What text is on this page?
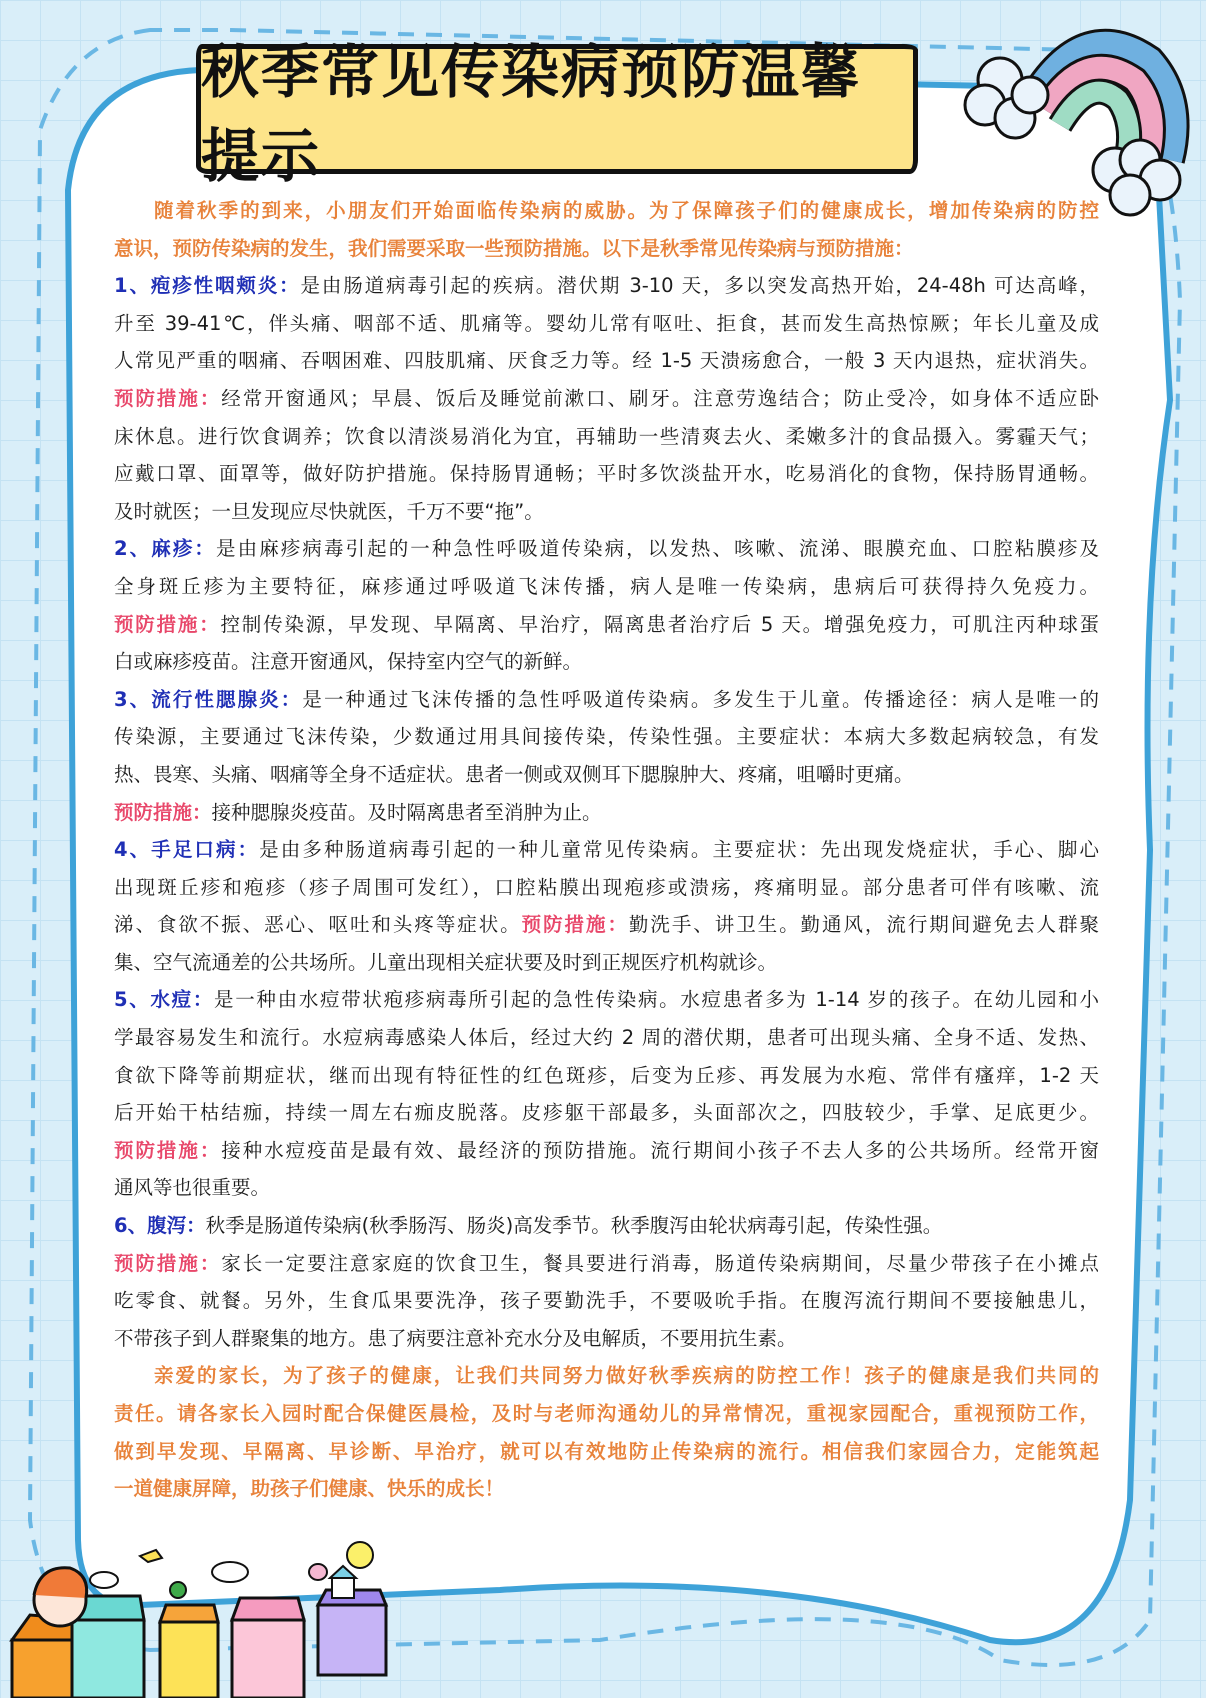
秋季常见传染病预防温馨提示
随着秋季的到来，小朋友们开始面临传染病的威胁。为了保障孩子们的健康成长，增加传染病的防控
意识，预防传染病的发生，我们需要采取一些预防措施。以下是秋季常见传染病与预防措施：
1、疱疹性咽颊炎：是由肠道病毒引起的疾病。潜伏期 3-10 天，多以突发高热开始，24-48h 可达高峰，
升至 39-41℃，伴头痛、咽部不适、肌痛等。婴幼儿常有呕吐、拒食，甚而发生高热惊厥；年长儿童及成
人常见严重的咽痛、吞咽困难、四肢肌痛、厌食乏力等。经 1-5 天溃疡愈合，一般 3 天内退热，症状消失。
预防措施：经常开窗通风；早晨、饭后及睡觉前漱口、刷牙。注意劳逸结合；防止受冷，如身体不适应卧
床休息。进行饮食调养；饮食以清淡易消化为宜，再辅助一些清爽去火、柔嫩多汁的食品摄入。雾霾天气；
应戴口罩、面罩等，做好防护措施。保持肠胃通畅；平时多饮淡盐开水，吃易消化的食物，保持肠胃通畅。
及时就医；一旦发现应尽快就医，千万不要“拖”。
2、麻疹：是由麻疹病毒引起的一种急性呼吸道传染病，以发热、咳嗽、流涕、眼膜充血、口腔粘膜疹及
全身斑丘疹为主要特征，麻疹通过呼吸道飞沫传播，病人是唯一传染病，患病后可获得持久免疫力。
预防措施：控制传染源，早发现、早隔离、早治疗，隔离患者治疗后 5 天。增强免疫力，可肌注丙种球蛋
白或麻疹疫苗。注意开窗通风，保持室内空气的新鲜。
3、流行性腮腺炎：是一种通过飞沫传播的急性呼吸道传染病。多发生于儿童。传播途径：病人是唯一的
传染源，主要通过飞沫传染，少数通过用具间接传染，传染性强。主要症状：本病大多数起病较急，有发
热、畏寒、头痛、咽痛等全身不适症状。患者一侧或双侧耳下腮腺肿大、疼痛，咀嚼时更痛。
预防措施：接种腮腺炎疫苗。及时隔离患者至消肿为止。
4、手足口病：是由多种肠道病毒引起的一种儿童常见传染病。主要症状：先出现发烧症状，手心、脚心
出现斑丘疹和疱疹（疹子周围可发红），口腔粘膜出现疱疹或溃疡，疼痛明显。部分患者可伴有咳嗽、流
涕、食欲不振、恶心、呕吐和头疼等症状。预防措施：勤洗手、讲卫生。勤通风，流行期间避免去人群聚
集、空气流通差的公共场所。儿童出现相关症状要及时到正规医疗机构就诊。
5、水痘：是一种由水痘带状疱疹病毒所引起的急性传染病。水痘患者多为 1-14 岁的孩子。在幼儿园和小
学最容易发生和流行。水痘病毒感染人体后，经过大约 2 周的潜伏期，患者可出现头痛、全身不适、发热、
食欲下降等前期症状，继而出现有特征性的红色斑疹，后变为丘疹、再发展为水疱、常伴有瘙痒，1-2 天
后开始干枯结痂，持续一周左右痂皮脱落。皮疹躯干部最多，头面部次之，四肢较少，手掌、足底更少。
预防措施：接种水痘疫苗是最有效、最经济的预防措施。流行期间小孩子不去人多的公共场所。经常开窗
通风等也很重要。
6、腹泻：秋季是肠道传染病(秋季肠泻、肠炎)高发季节。秋季腹泻由轮状病毒引起，传染性强。
预防措施：家长一定要注意家庭的饮食卫生，餐具要进行消毒，肠道传染病期间，尽量少带孩子在小摊点
吃零食、就餐。另外，生食瓜果要洗净，孩子要勤洗手，不要吸吮手指。在腹泻流行期间不要接触患儿，
不带孩子到人群聚集的地方。患了病要注意补充水分及电解质，不要用抗生素。
亲爱的家长，为了孩子的健康，让我们共同努力做好秋季疾病的防控工作！孩子的健康是我们共同的
责任。请各家长入园时配合保健医晨检，及时与老师沟通幼儿的异常情况，重视家园配合，重视预防工作，
做到早发现、早隔离、早诊断、早治疗，就可以有效地防止传染病的流行。相信我们家园合力，定能筑起
一道健康屏障，助孩子们健康、快乐的成长！
